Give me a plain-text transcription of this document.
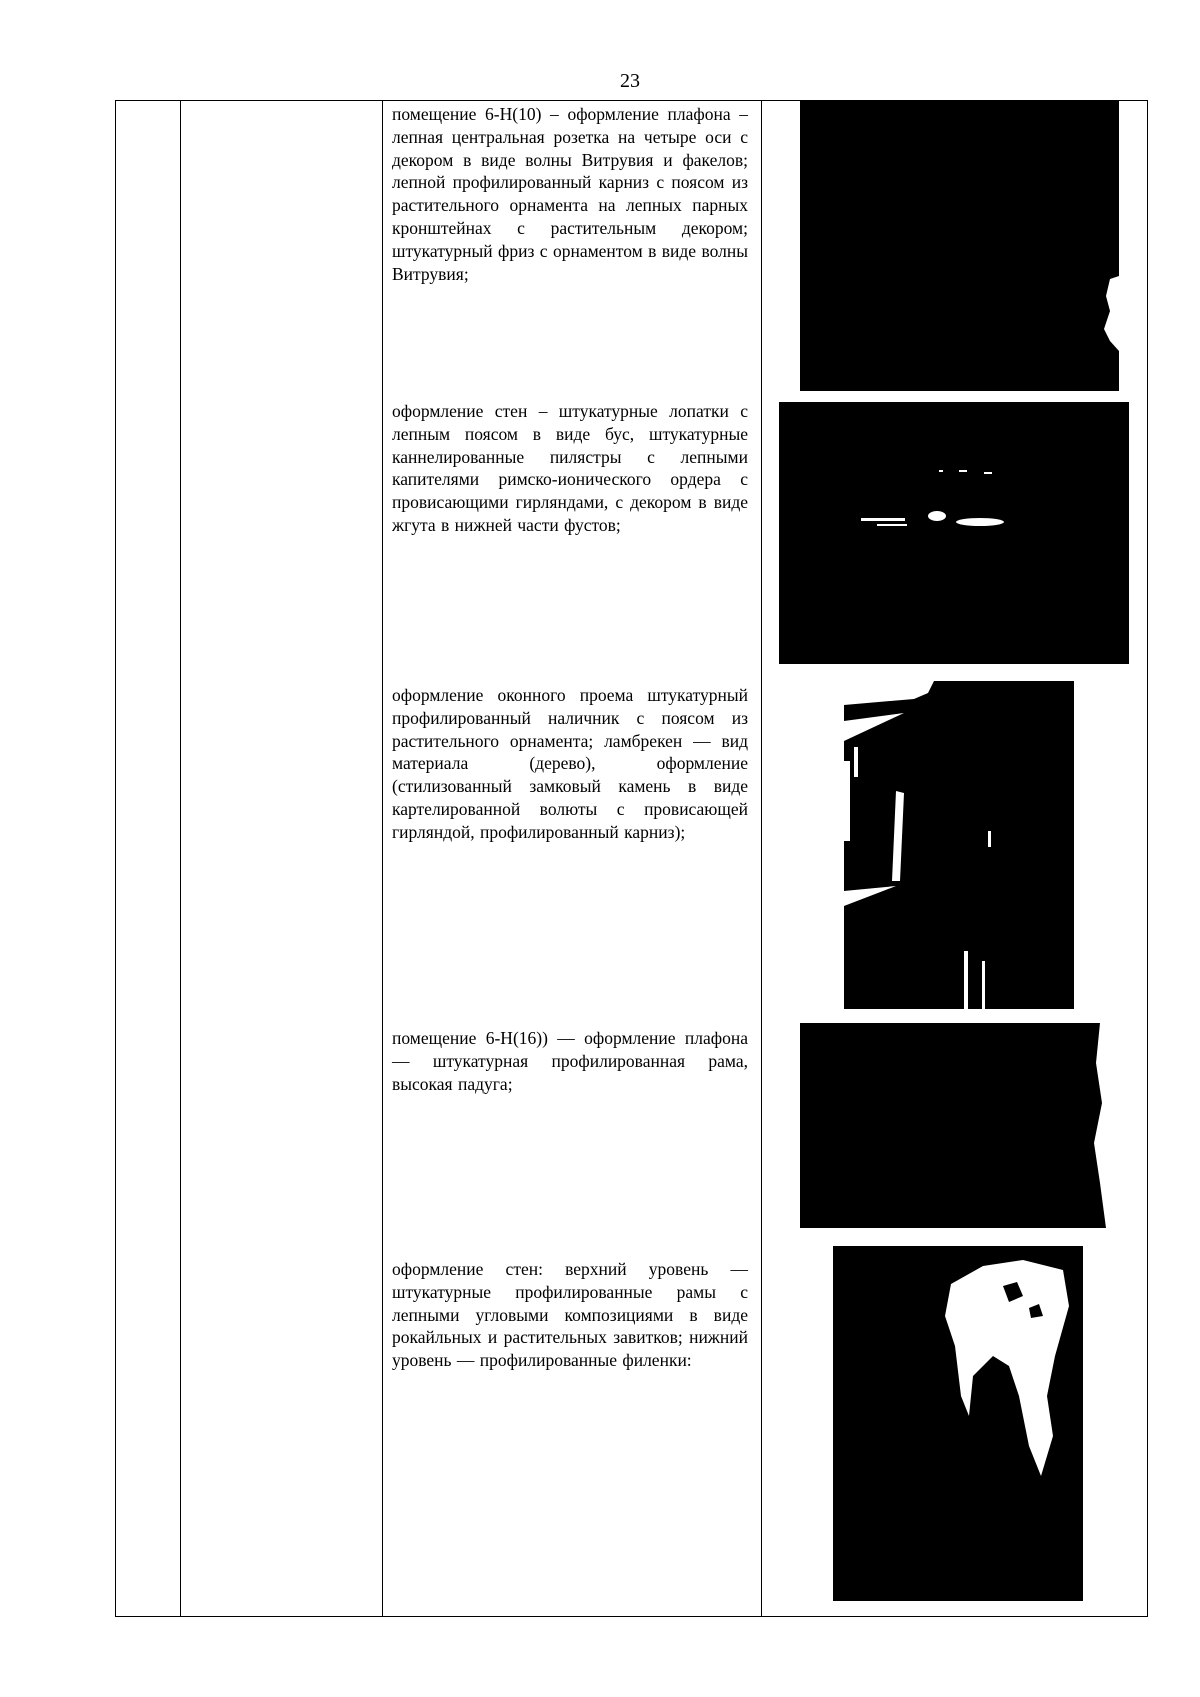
23
помещение 6-Н(10) – оформление плафона – лепная центральная розетка на четыре оси с декором в виде волны Витрувия и факелов; лепной профилированный карниз с поясом из растительного орнамента на лепных парных кронштейнах с растительным декором; штукатурный фриз с орнаментом в виде волны Витрувия;
оформление стен – штукатурные лопатки с лепным поясом в виде бус, штукатурные каннелированные пилястры с лепными капителями римско-ионического ордера с провисающими гирляндами, с декором в виде жгута в нижней части фустов;
оформление оконного проема штукатурный профилированный наличник с поясом из растительного орнамента; ламбрекен — вид материала (дерево), оформление (стилизованный замковый камень в виде картелированной волюты с провисающей гирляндой, профилированный карниз);
помещение 6-Н(16)) — оформление плафона — штукатурная профилированная рама, высокая падуга;
оформление стен: верхний уровень — штукатурные профилированные рамы с лепными угловыми композициями в виде рокайльных и растительных завитков; нижний уровень — профилированные филенки:
